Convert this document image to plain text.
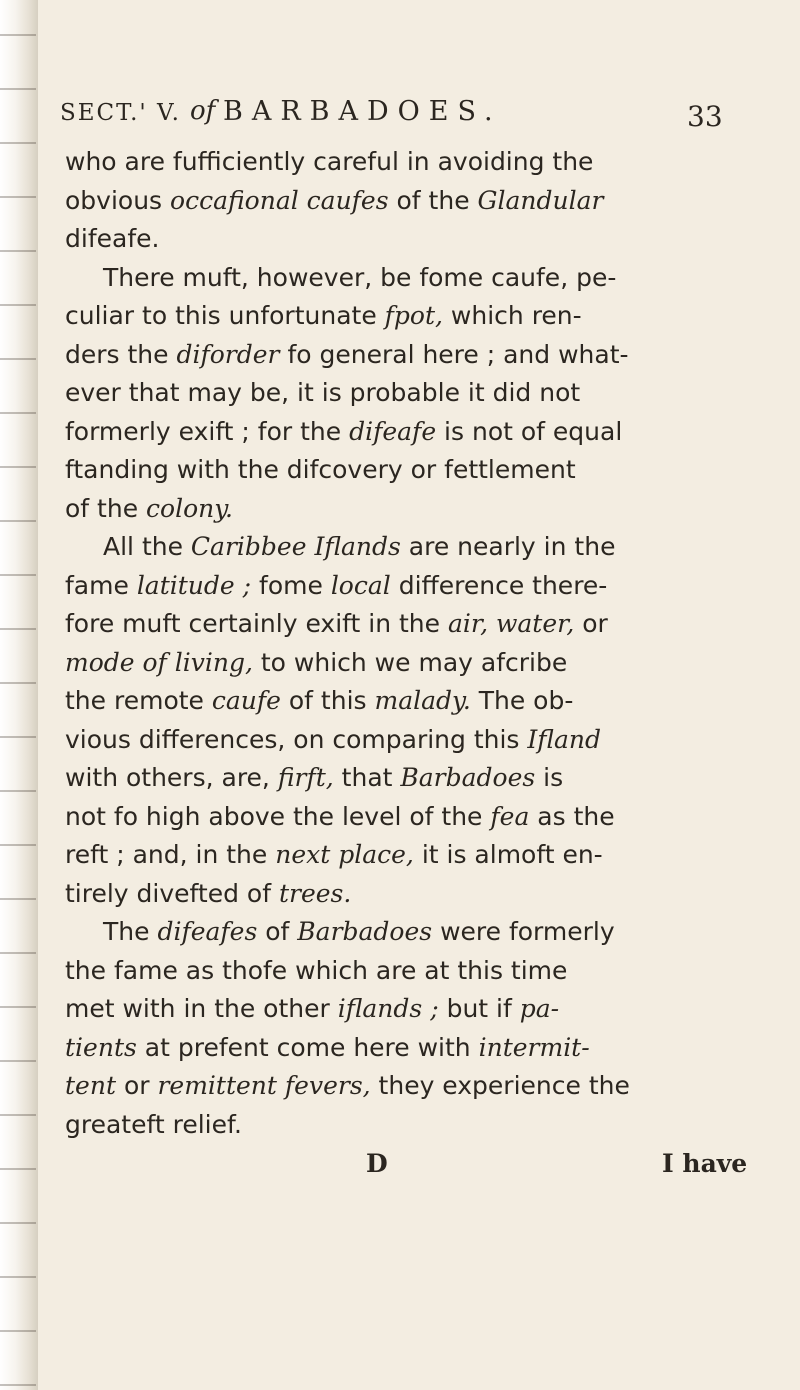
SECT.' V. of BARBADOES.	33
who are fufficiently careful in avoiding the
obvious occafional caufes of the Glandular
difeafe.
There muft, however, be fome caufe, pe-
culiar to this unfortunate fpot, which ren-
ders the diforder fo general here ; and what-
ever that may be, it is probable it did not
formerly exift ; for the difeafe is not of equal
ftanding with the difcovery or fettlement
of the colony.
All the Caribbee Iflands are nearly in the
fame latitude ; fome local difference there-
fore muft certainly exift in the air, water, or
mode of living, to which we may afcribe
the remote caufe of this malady. The ob-
vious differences, on comparing this Ifland
with others, are, firft, that Barbadoes is
not fo high above the level of the fea as the
reft ; and, in the next place, it is almoft en-
tirely divefted of trees.
The difeafes of Barbadoes were formerly
the fame as thofe which are at this time
met with in the other iflands ; but if pa-
tients at prefent come here with intermit-
tent or remittent fevers, they experience the
greateft relief.
D	I have
